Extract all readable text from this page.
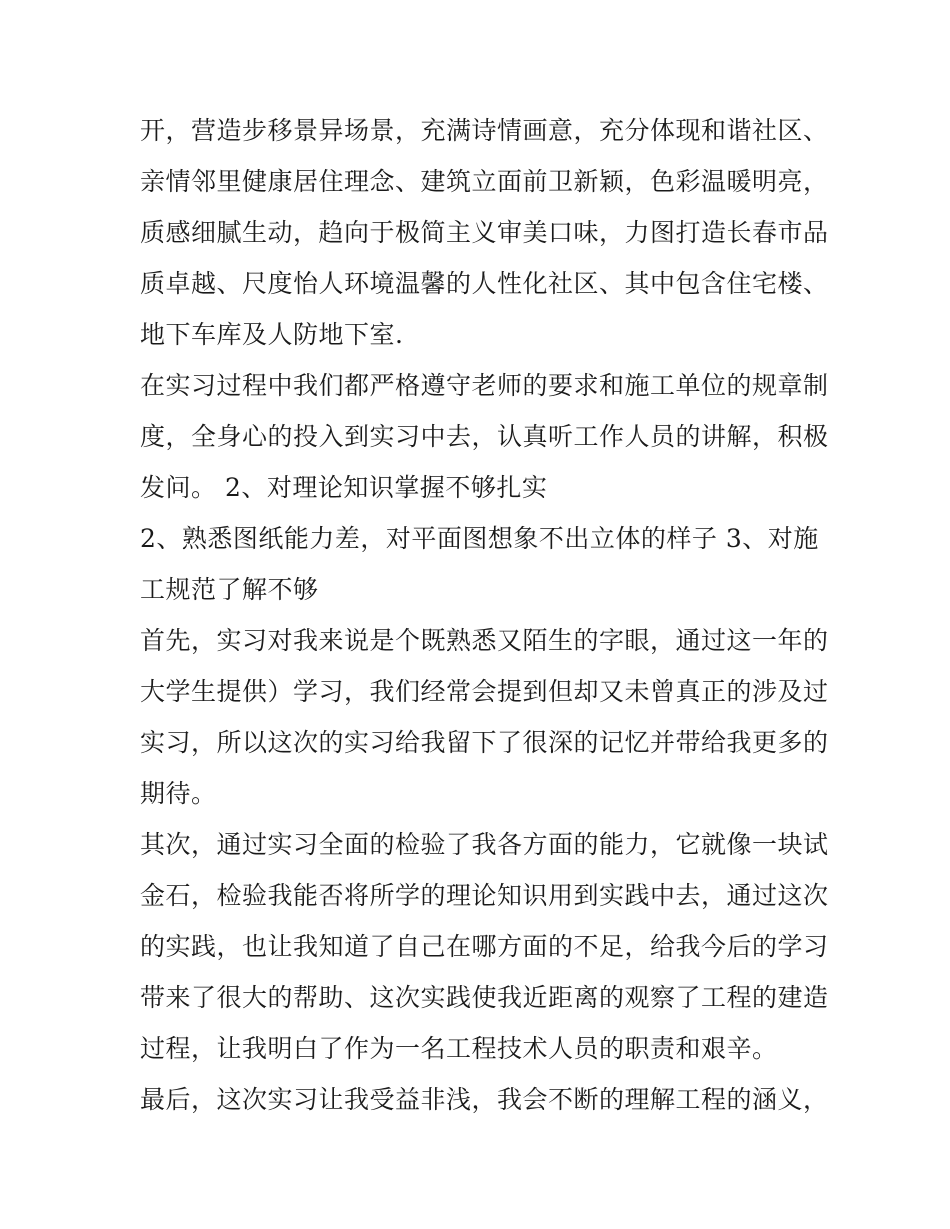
开，营造步移景异场景，充满诗情画意，充分体现和谐社区、
亲情邻里健康居住理念、建筑立面前卫新颖，色彩温暖明亮，
质感细腻生动，趋向于极简主义审美口味，力图打造长春市品
质卓越、尺度怡人环境温馨的人性化社区、其中包含住宅楼、
地下车库及人防地下室.
在实习过程中我们都严格遵守老师的要求和施工单位的规章制
度，全身心的投入到实习中去，认真听工作人员的讲解，积极
发问。 2、对理论知识掌握不够扎实
2、熟悉图纸能力差，对平面图想象不出立体的样子 3、对施
工规范了解不够
首先，实习对我来说是个既熟悉又陌生的字眼，通过这一年的
大学生提供）学习，我们经常会提到但却又未曾真正的涉及过
实习，所以这次的实习给我留下了很深的记忆并带给我更多的
期待。
其次，通过实习全面的检验了我各方面的能力，它就像一块试
金石，检验我能否将所学的理论知识用到实践中去，通过这次
的实践，也让我知道了自己在哪方面的不足，给我今后的学习
带来了很大的帮助、这次实践使我近距离的观察了工程的建造
过程，让我明白了作为一名工程技术人员的职责和艰辛。
最后，这次实习让我受益非浅，我会不断的理解工程的涵义，
